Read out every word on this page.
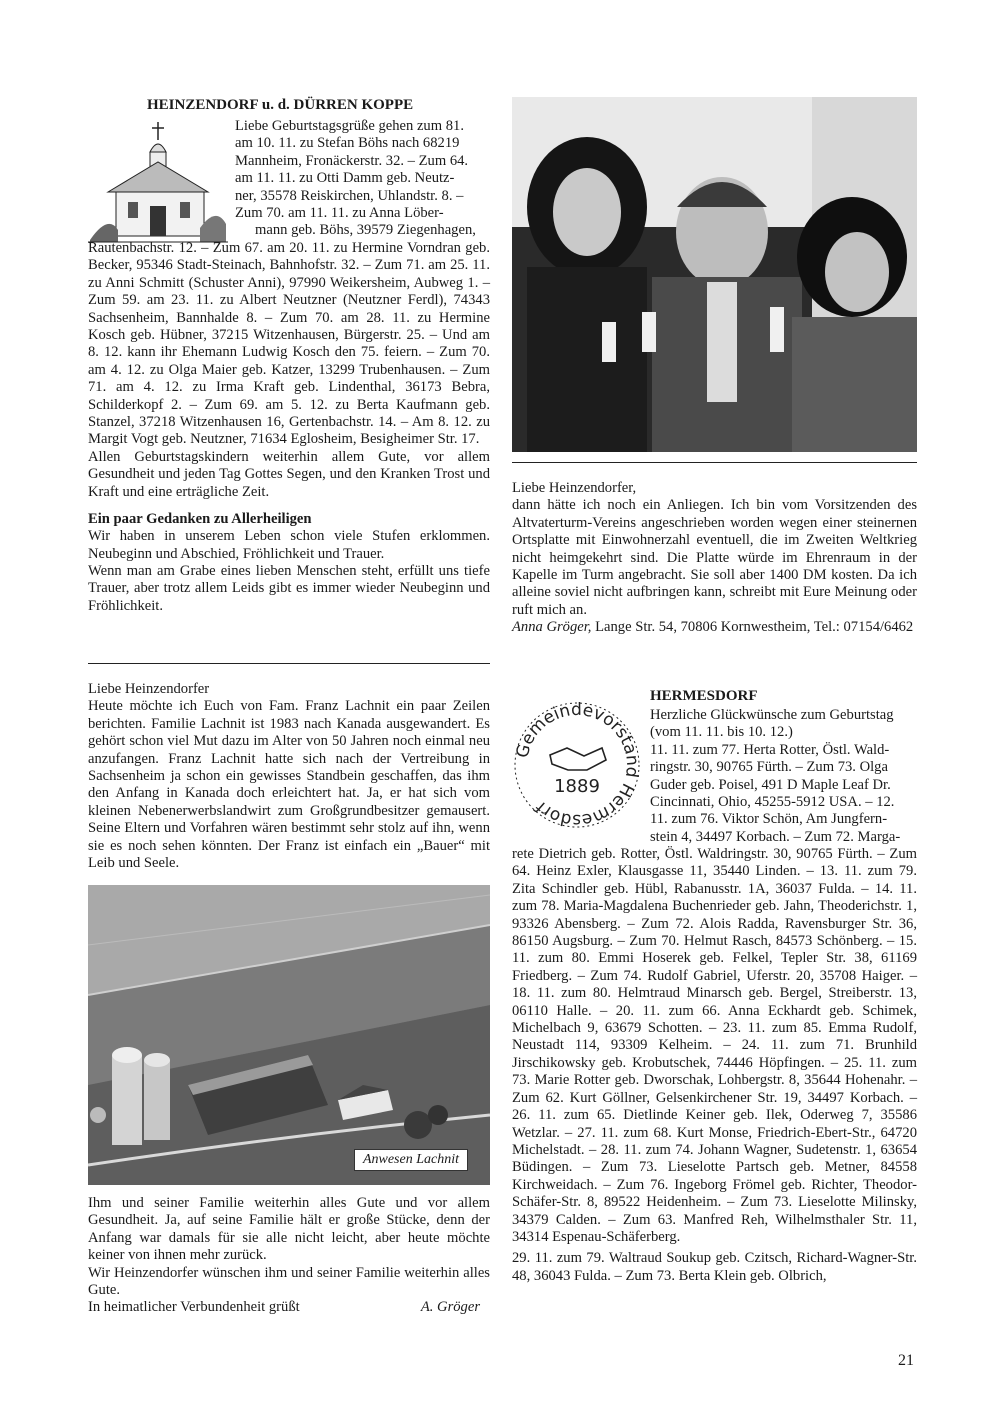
HEINZENDORF u. d. DÜRREN KOPPE

Liebe Geburtstagsgrüße gehen zum 81.

am 10. 11. zu Stefan Böhs nach 68219

Mannheim, Fronäckerstr. 32. – Zum 64.

am 11. 11. zu Otti Damm geb. Neutz-

ner, 35578 Reiskirchen, Uhlandstr. 8. –

Zum 70. am 11. 11. zu Anna Löber-

mann geb. Böhs, 39579 Ziegenhagen,

Rautenbachstr. 12. – Zum 67. am 20. 11. zu Hermine Vorndran geb. Becker, 95346 Stadt-Steinach, Bahnhofstr. 32. – Zum 71. am 25. 11. zu Anni Schmitt (Schuster Anni), 97990 Weikersheim, Aubweg 1. – Zum 59. am 23. 11. zu Albert Neutzner (Neutzner Ferdl), 74343 Sachsenheim, Bannhalde 8. – Zum 70. am 28. 11. zu Hermine Kosch geb. Hübner, 37215 Witzenhausen, Bürgerstr. 25. – Und am 8. 12. kann ihr Ehemann Ludwig Kosch den 75. feiern. – Zum 70. am 4. 12. zu Olga Maier geb. Katzer, 13299 Trubenhausen. – Zum 71. am 4. 12. zu Irma Kraft geb. Lindenthal, 36173 Bebra, Schilderkopf 2. – Zum 69. am 5. 12. zu Berta Kaufmann geb. Stanzel, 37218 Witzenhausen 16, Gertenbachstr. 14. – Am 8. 12. zu Margit Vogt geb. Neutzner, 71634 Eglosheim, Besigheimer Str. 17.

Allen Geburtstagskindern weiterhin allem Gute, vor allem Gesundheit und jeden Tag Gottes Segen, und den Kranken Trost und Kraft und eine erträgliche Zeit.

Ein paar Gedanken zu Allerheiligen

Wir haben in unserem Leben schon viele Stufen erklommen. Neubeginn und Abschied, Fröhlichkeit und Trauer.

Wenn man am Grabe eines lieben Menschen steht, erfüllt uns tiefe Trauer, aber trotz allem Leids gibt es immer wieder Neubeginn und Fröhlichkeit.

Liebe Heinzendorfer

Heute möchte ich Euch von Fam. Franz Lachnit ein paar Zeilen berichten. Familie Lachnit ist 1983 nach Kanada ausgewandert. Es gehört schon viel Mut dazu im Alter von 50 Jahren noch einmal neu anzufangen. Franz Lachnit hatte sich nach der Vertreibung in Sachsenheim ja schon ein gewisses Standbein geschaffen, das ihm den Anfang in Kanada doch erleichtert hat. Ja, er hat sich vom kleinen Nebenerwerbslandwirt zum Großgrundbesitzer gemausert. Seine Eltern und Vorfahren wären bestimmt sehr stolz auf ihn, wenn sie es noch sehen könnten. Der Franz ist einfach ein „Bauer“ mit Leib und Seele.

Anwesen Lachnit

Ihm und seiner Familie weiterhin alles Gute und vor allem Gesundheit. Ja, auf seine Familie hält er große Stücke, denn der Anfang war damals für sie alle nicht leicht, aber heute möchte keiner von ihnen mehr zurück.

Wir Heinzendorfer wünschen ihm und seiner Familie weiterhin alles Gute.

In heimatlicher Verbundenheit grüßt	A. Gröger

Liebe Heinzendorfer,

dann hätte ich noch ein Anliegen. Ich bin vom Vorsitzenden des Altvaterturm-Vereins angeschrieben worden wegen einer steinernen Ortsplatte mit Einwohnerzahl eventuell, die im Zweiten Weltkrieg nicht heimgekehrt sind. Die Platte würde im Ehrenraum in der Kapelle im Turm angebracht. Sie soll aber 1400 DM kosten. Da ich alleine soviel nicht aufbringen kann, schreibt mit Eure Meinung oder ruft mich an.

Anna Gröger, Lange Str. 54, 70806 Kornwestheim, Tel.: 07154/6462

HERMESDORF

Gemeindevorstand Hermesdorf
1889

Herzliche Glückwünsche zum Geburtstag

(vom 11. 11. bis 10. 12.)

11. 11. zum 77. Herta Rotter, Östl. Wald-

ringstr. 30, 90765 Fürth. – Zum 73. Olga

Guder geb. Poisel, 491 D Maple Leaf Dr.

Cincinnati, Ohio, 45255-5912 USA. – 12.

11. zum 76. Viktor Schön, Am Jungfern-

stein 4, 34497 Korbach. – Zum 72. Marga-

rete Dietrich geb. Rotter, Östl. Waldringstr. 30, 90765 Fürth. – Zum 64. Heinz Exler, Klausgasse 11, 35440 Linden. – 13. 11. zum 79. Zita Schindler geb. Hübl, Rabanusstr. 1A, 36037 Fulda. – 14. 11. zum 78. Maria-Magdalena Buchenrieder geb. Jahn, Theoderichstr. 1, 93326 Abensberg. – Zum 72. Alois Radda, Ravensburger Str. 36, 86150 Augsburg. – Zum 70. Helmut Rasch, 84573 Schönberg. – 15. 11. zum 80. Emmi Hoserek geb. Felkel, Tepler Str. 38, 61169 Friedberg. – Zum 74. Rudolf Gabriel, Uferstr. 20, 35708 Haiger. – 18. 11. zum 80. Helmtraud Minarsch geb. Bergel, Streiberstr. 13, 06110 Halle. – 20. 11. zum 66. Anna Eckhardt geb. Schimek, Michelbach 9, 63679 Schotten. – 23. 11. zum 85. Emma Rudolf, Neustadt 114, 93309 Kelheim. – 24. 11. zum 71. Brunhild Jirschikowsky geb. Krobutschek, 74446 Höpfingen. – 25. 11. zum 73. Marie Rotter geb. Dworschak, Lohbergstr. 8, 35644 Hohenahr. – Zum 62. Kurt Göllner, Gelsenkirchener Str. 19, 34497 Korbach. – 26. 11. zum 65. Dietlinde Keiner geb. Ilek, Oderweg 7, 35586 Wetzlar. – 27. 11. zum 68. Kurt Monse, Friedrich-Ebert-Str., 64720 Michelstadt. – 28. 11. zum 74. Johann Wagner, Sudetenstr. 1, 63654 Büdingen. – Zum 73. Lieselotte Partsch geb. Metner, 84558 Kirchweidach. – Zum 76. Ingeborg Frömel geb. Richter, Theodor-Schäfer-Str. 8, 89522 Heidenheim. – Zum 73. Lieselotte Milinsky, 34379 Calden. – Zum 63. Manfred Reh, Wilhelmsthaler Str. 11, 34314 Espenau-Schäferberg.

29. 11. zum 79. Waltraud Soukup geb. Czitsch, Richard-Wagner-Str. 48, 36043 Fulda. – Zum 73. Berta Klein geb. Olbrich,

21
